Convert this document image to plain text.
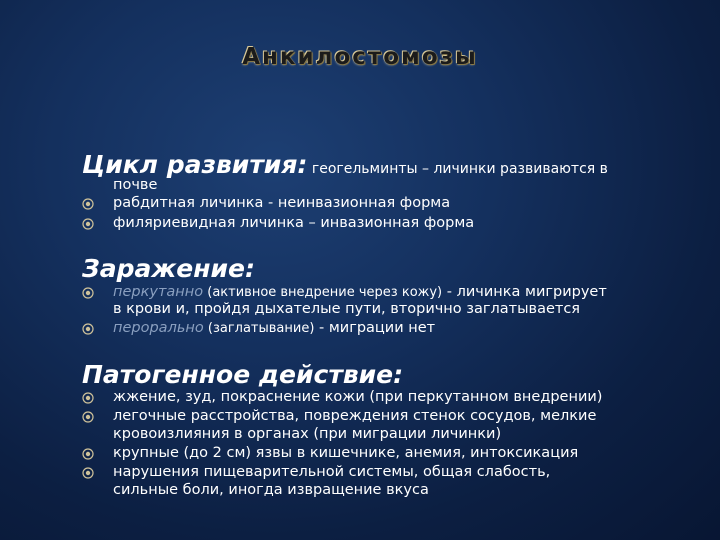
Анкилостомозы
Цикл развития: геогельминты – личинки развиваются в
почве
рабдитная личинка - неинвазионная форма
филяриевидная личинка – инвазионная форма
Заражение:
перкутанно (активное внедрение через кожу) - личинка мигрирует
в крови и, пройдя дыхателые пути, вторично заглатывается
перорально (заглатывание) - миграции нет
Патогенное действие:
жжение, зуд, покраснение кожи (при перкутанном внедрении)
легочные расстройства, повреждения стенок сосудов, мелкие
кровоизлияния в органах (при миграции личинки)
крупные (до 2 см) язвы в кишечнике, анемия, интоксикация
нарушения пищеварительной системы, общая слабость,
сильные боли, иногда извращение вкуса
